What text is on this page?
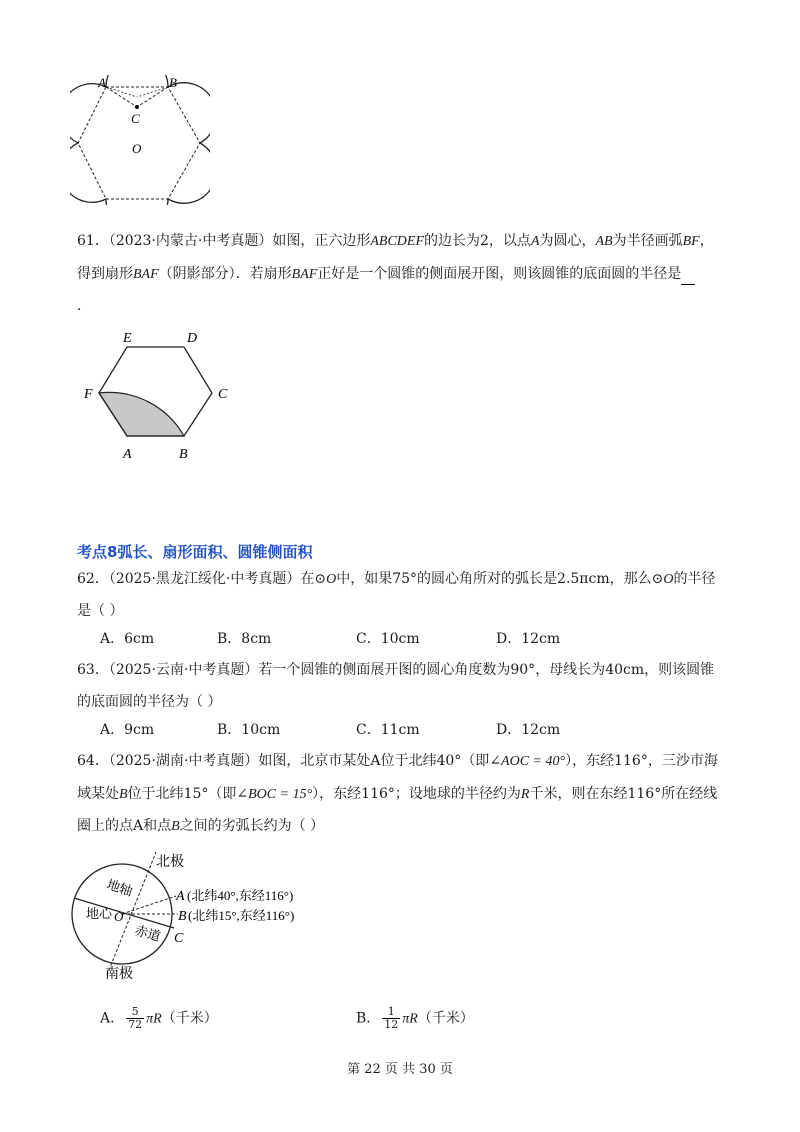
A	B
C
O
61．（2023·内蒙古·中考真题）如图，正六边形ABCDEF的边长为2，以点A为圆心，AB为半径画弧BF，
得到扇形BAF（阴影部分）．若扇形BAF正好是一个圆锥的侧面展开图，则该圆锥的底面圆的半径是
.
A	B
C
D
E
F
考点8弧长、扇形面积、圆锥侧面积
62．（2025·黑龙江绥化·中考真题）在⊙O中，如果75°的圆心角所对的弧长是2.5πcm，那么⊙O的半径
是（ ）
A．6cm	B．8cm	C．10cm	D．12cm
63．（2025·云南·中考真题）若一个圆锥的侧面展开图的圆心角度数为90°，母线长为40cm，则该圆锥
的底面圆的半径为（ ）
A．9cm	B．10cm	C．11cm	D．12cm
64．（2025·湖南·中考真题）如图，北京市某处A位于北纬40°（即∠AOC = 40°），东经116°，三沙市海
域某处B位于北纬15°（即∠BOC = 15°），东经116°；设地球的半径约为R千米，则在东经116°所在经线
圈上的点A和点B之间的劣弧长约为（ ）
北极
南极
地轴
地心 O
赤道
A (北纬40°,东经116°)
B (北纬15°,东经116°)
C
A． $\frac{5}{72} \pi R$（千米）	B． $\frac{1}{12} \pi R$（千米）
第 22 页 共 30 页
